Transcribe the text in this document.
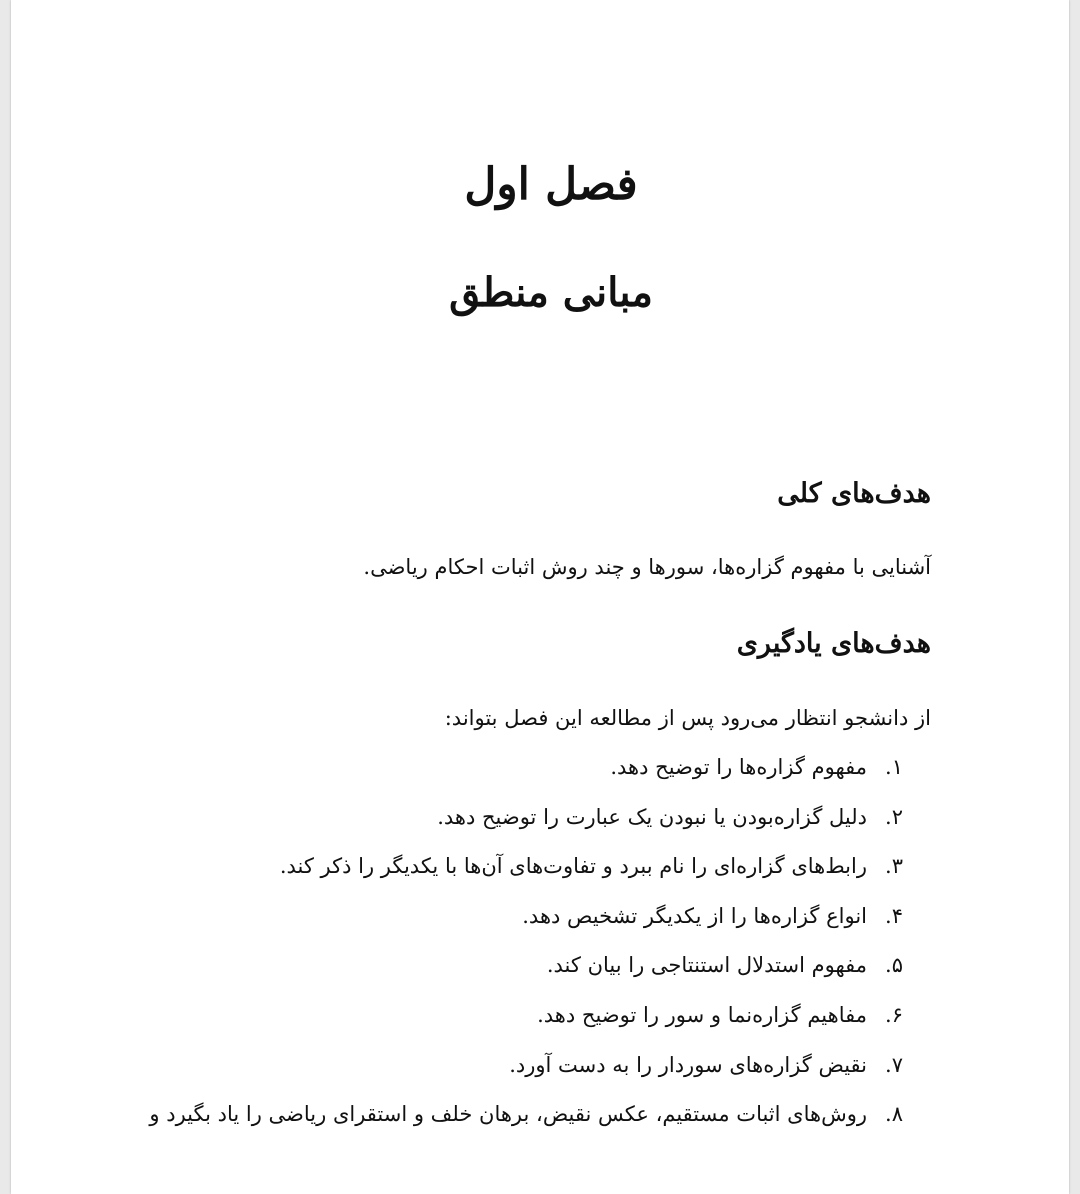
فصل اول
مبانی منطق
هدف‌های کلی

آشنایی با مفهوم گزاره‌ها، سورها و چند روش اثبات احکام ریاضی.

هدف‌های یادگیری

از دانشجو انتظار می‌رود پس از مطالعه این فصل بتواند:

۱.
مفهوم گزاره‌ها را توضیح دهد.
۲.
دلیل گزاره‌بودن یا نبودن یک عبارت را توضیح دهد.
۳.
رابط‌های گزاره‌ای را نام ببرد و تفاوت‌های آن‌ها با یکدیگر را ذکر کند.
۴.
انواع گزاره‌ها را از یکدیگر تشخیص دهد.
۵.
مفهوم استدلال استنتاجی را بیان کند.
۶.
مفاهیم گزاره‌نما و سور را توضیح دهد.
۷.
نقیض گزاره‌های سوردار را به دست آورد.
۸.
روش‌های اثبات مستقیم، عکس نقیض، برهان خلف و استقرای ریاضی را یاد بگیرد و
